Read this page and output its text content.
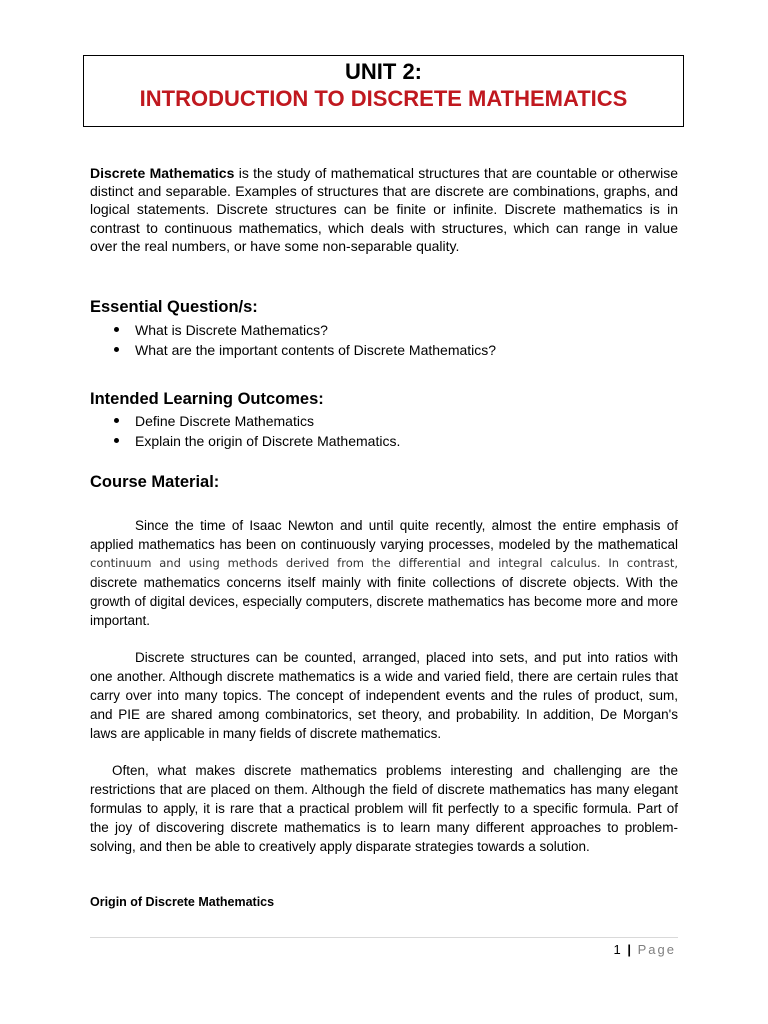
UNIT 2:
INTRODUCTION TO DISCRETE MATHEMATICS

Discrete Mathematics is the study of mathematical structures that are countable or otherwise distinct and separable. Examples of structures that are discrete are combinations, graphs, and logical statements. Discrete structures can be finite or infinite. Discrete mathematics is in contrast to continuous mathematics, which deals with structures, which can range in value over the real numbers, or have some non-separable quality.

Essential Question/s:
What is Discrete Mathematics?
What are the important contents of Discrete Mathematics?
Intended Learning Outcomes:
Define Discrete Mathematics
Explain the origin of Discrete Mathematics.
Course Material:
Since the time of Isaac Newton and until quite recently, almost the entire emphasis of
applied mathematics has been on continuously varying processes, modeled by the mathematical
continuum and using methods derived from the differential and integral calculus. In contrast,
discrete mathematics concerns itself mainly with finite collections of discrete objects. With the
growth of digital devices, especially computers, discrete mathematics has become more and more
important.
Discrete structures can be counted, arranged, placed into sets, and put into ratios with
one another. Although discrete mathematics is a wide and varied field, there are certain rules that
carry over into many topics. The concept of independent events and the rules of product, sum,
and PIE are shared among combinatorics, set theory, and probability. In addition, De Morgan's
laws are applicable in many fields of discrete mathematics.
Often, what makes discrete mathematics problems interesting and challenging are the
restrictions that are placed on them. Although the field of discrete mathematics has many elegant
formulas to apply, it is rare that a practical problem will fit perfectly to a specific formula. Part of
the joy of discovering discrete mathematics is to learn many different approaches to problem-
solving, and then be able to creatively apply disparate strategies towards a solution.
Origin of Discrete Mathematics
1 | Page
